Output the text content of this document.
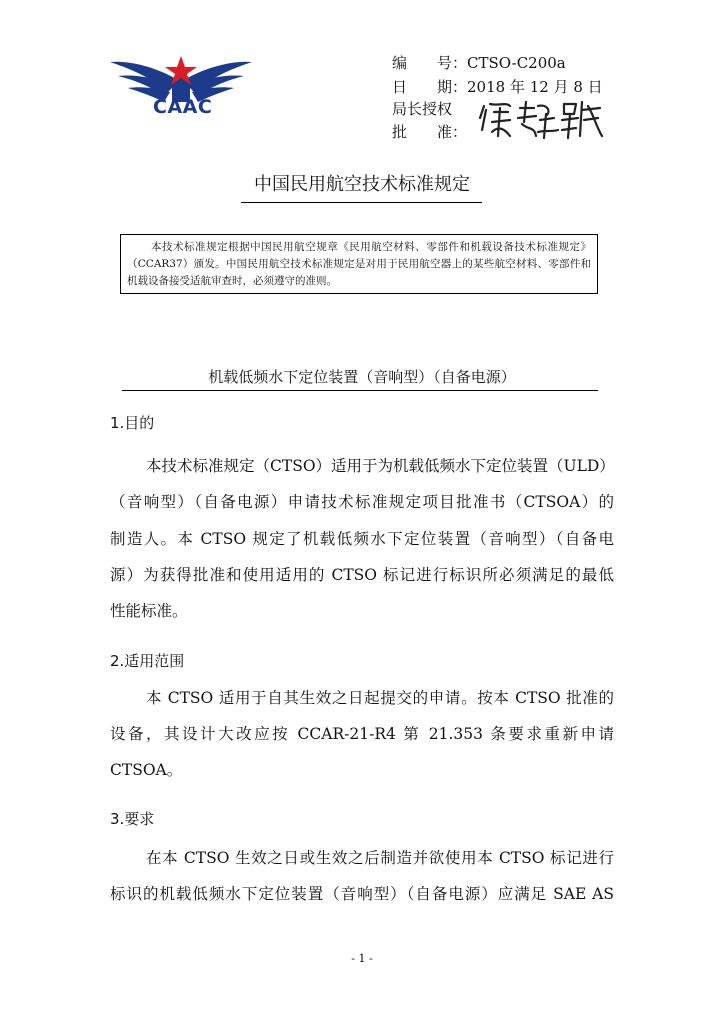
CAAC
编　　号：CTSO-C200a
日　　期：2018 年 12 月 8 日
局长授权
批　　准：
中国民用航空技术标准规定
本技术标准规定根据中国民用航空规章《民用航空材料、零部件和机载设备技术标准规定》（CCAR37）颁发。中国民用航空技术标准规定是对用于民用航空器上的某些航空材料、零部件和机载设备接受适航审查时，必须遵守的准则。
机载低频水下定位装置（音响型）（自备电源）
1.目的
本技术标准规定（CTSO）适用于为机载低频水下定位装置（ULD）
（音响型）（自备电源）申请技术标准规定项目批准书（CTSOA）的
制造人。本 CTSO 规定了机载低频水下定位装置（音响型）（自备电
源）为获得批准和使用适用的 CTSO 标记进行标识所必须满足的最低
性能标准。
2.适用范围
本 CTSO 适用于自其生效之日起提交的申请。按本 CTSO 批准的
设备，其设计大改应按 CCAR-21-R4 第 21.353 条要求重新申请
CTSOA。
3.要求
在本 CTSO 生效之日或生效之后制造并欲使用本 CTSO 标记进行
标识的机载低频水下定位装置（音响型）（自备电源）应满足 SAE AS
- 1 -
